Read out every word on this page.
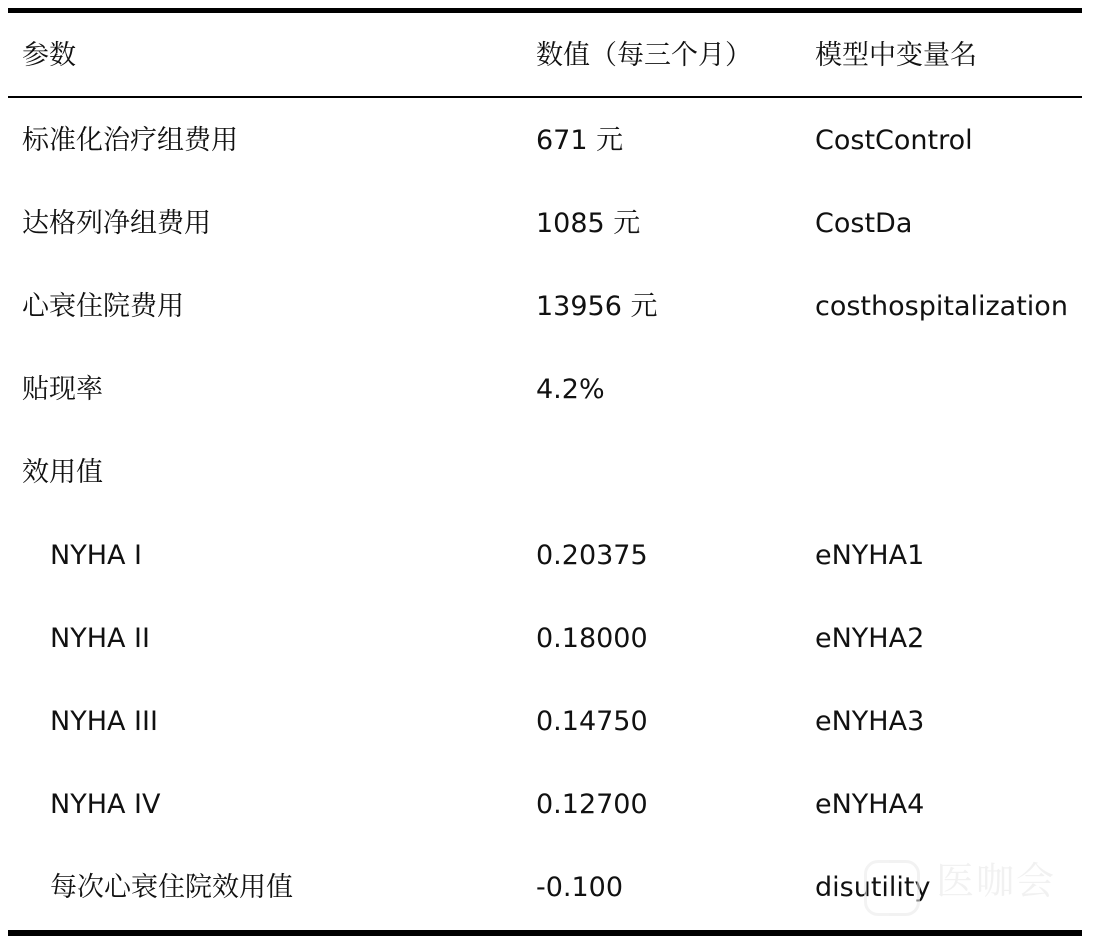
参数	数值（每三个月） 模型中变量名
标准化治疗组费用	671 元	CostControl
达格列净组费用	1085 元	CostDa
心衰住院费用	13956 元	costhospitalization
贴现率	4.2%
效用值
NYHA I	0.20375	eNYHA1
NYHA II	0.18000	eNYHA2
NYHA III	0.14750	eNYHA3
NYHA IV	0.12700	eNYHA4
每次心衰住院效用值	-0.100	disutility 医咖会
